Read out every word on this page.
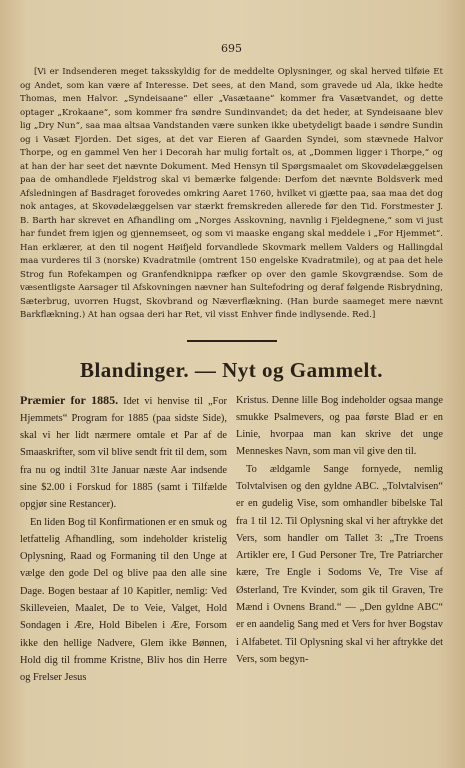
695

[Vi er Indsenderen meget taksskyldig for de meddelte Oplysninger, og skal herved tilføie Et og Andet, som kan være af Interesse. Det sees, at den Mand, som gravede ud Ala, ikke hedte Thomas, men Halvor. „Syndeisaane“ eller „Vasætaane“ kommer fra Vasætvandet, og dette optager „Krokaane“, som kommer fra søndre Sundinvandet; da det heder, at Syndeisaane blev lig „Dry Nun“, saa maa altsaa Vandstanden være sunken ikke ubetydeligt baade i søndre Sundin og i Vasæt Fjorden. Det siges, at det var Eieren af Gaarden Syndei, som stævnede Halvor Thorpe, og en gammel Ven her i Decorah har mulig fortalt os, at „Dommen ligger i Thorpe,“ og at han der har seet det nævnte Dokument. Med Hensyn til Spørgsmaalet om Skovødelæggelsen paa de omhandlede Fjeldstrog skal vi bemærke følgende: Derfom det nævnte Boldsverk med Afsledningen af Basdraget forovedes omkring Aaret 1760, hvilket vi gjætte paa, saa maa det dog nok antages, at Skovødelæggelsen var stærkt fremskreden allerede før den Tid. Forstmester J. B. Barth har skrevet en Afhandling om „Norges Asskovning, navnlig i Fjeldegnene,“ som vi just har fundet frem igjen og gjennemseet, og som vi maaske engang skal meddele i „For Hjemmet“. Han erklærer, at den til nogent Høifjeld forvandlede Skovmark mellem Valders og Hallingdal maa vurderes til 3 (norske) Kvadratmile (omtrent 150 engelske Kvadratmile), og at paa det hele Strog fun Rofekampen og Granfendknippa ræfker op over den gamle Skovgrændse. Som de væsentligste Aarsager til Afskovningen nævner han Sultefodring og deraf følgende Risbrydning, Sæterbrug, uvorren Hugst, Skovbrand og Næverflækning. (Han burde saameget mere nævnt Barkflækning.) At han ogsaa deri har Ret, vil visst Enhver finde indlysende. Red.]

Blandinger. — Nyt og Gammelt.

Præmier for 1885. Idet vi henvise til „For Hjemmets“ Program for 1885 (paa sidste Side), skal vi her lidt nærmere omtale et Par af de Smaaskrifter, som vil blive sendt frit til dem, som fra nu og indtil 31te Januar næste Aar indsende sine $2.00 i Forskud for 1885 (samt i Tilfælde opgjør sine Restancer).

En liden Bog til Konfirmationen er en smuk og letfattelig Afhandling, som indeholder kristelig Oplysning, Raad og Formaning til den Unge at vælge den gode Del og blive paa den alle sine Dage. Bogen bestaar af 10 Kapitler, nemlig: Ved Skilleveien, Maalet, De to Veie, Valget, Hold Sondagen i Ære, Hold Bibelen i Ære, Forsom ikke den hellige Nadvere, Glem ikke Bønnen, Hold dig til fromme Kristne, Bliv hos din Herre og Frelser Jesus

Kristus. Denne lille Bog indeholder ogsaa mange smukke Psalmevers, og paa første Blad er en Linie, hvorpaa man kan skrive det unge Menneskes Navn, som man vil give den til.

To ældgamle Sange fornyede, nemlig Tolvtalvisen og den gyldne ABC. „Tolvtalvisen“ er en gudelig Vise, som omhandler bibelske Tal fra 1 til 12. Til Oplysning skal vi her aftrykke det Vers, som handler om Tallet 3: „Tre Troens Artikler ere, I Gud Personer Tre, Tre Patriarcher kære, Tre Engle i Sodoms Ve, Tre Vise af Østerland, Tre Kvinder, som gik til Graven, Tre Mænd i Ovnens Brand.“ — „Den gyldne ABC“ er en aandelig Sang med et Vers for hver Bogstav i Alfabetet. Til Oplysning skal vi her aftrykke det Vers, som begyn-
